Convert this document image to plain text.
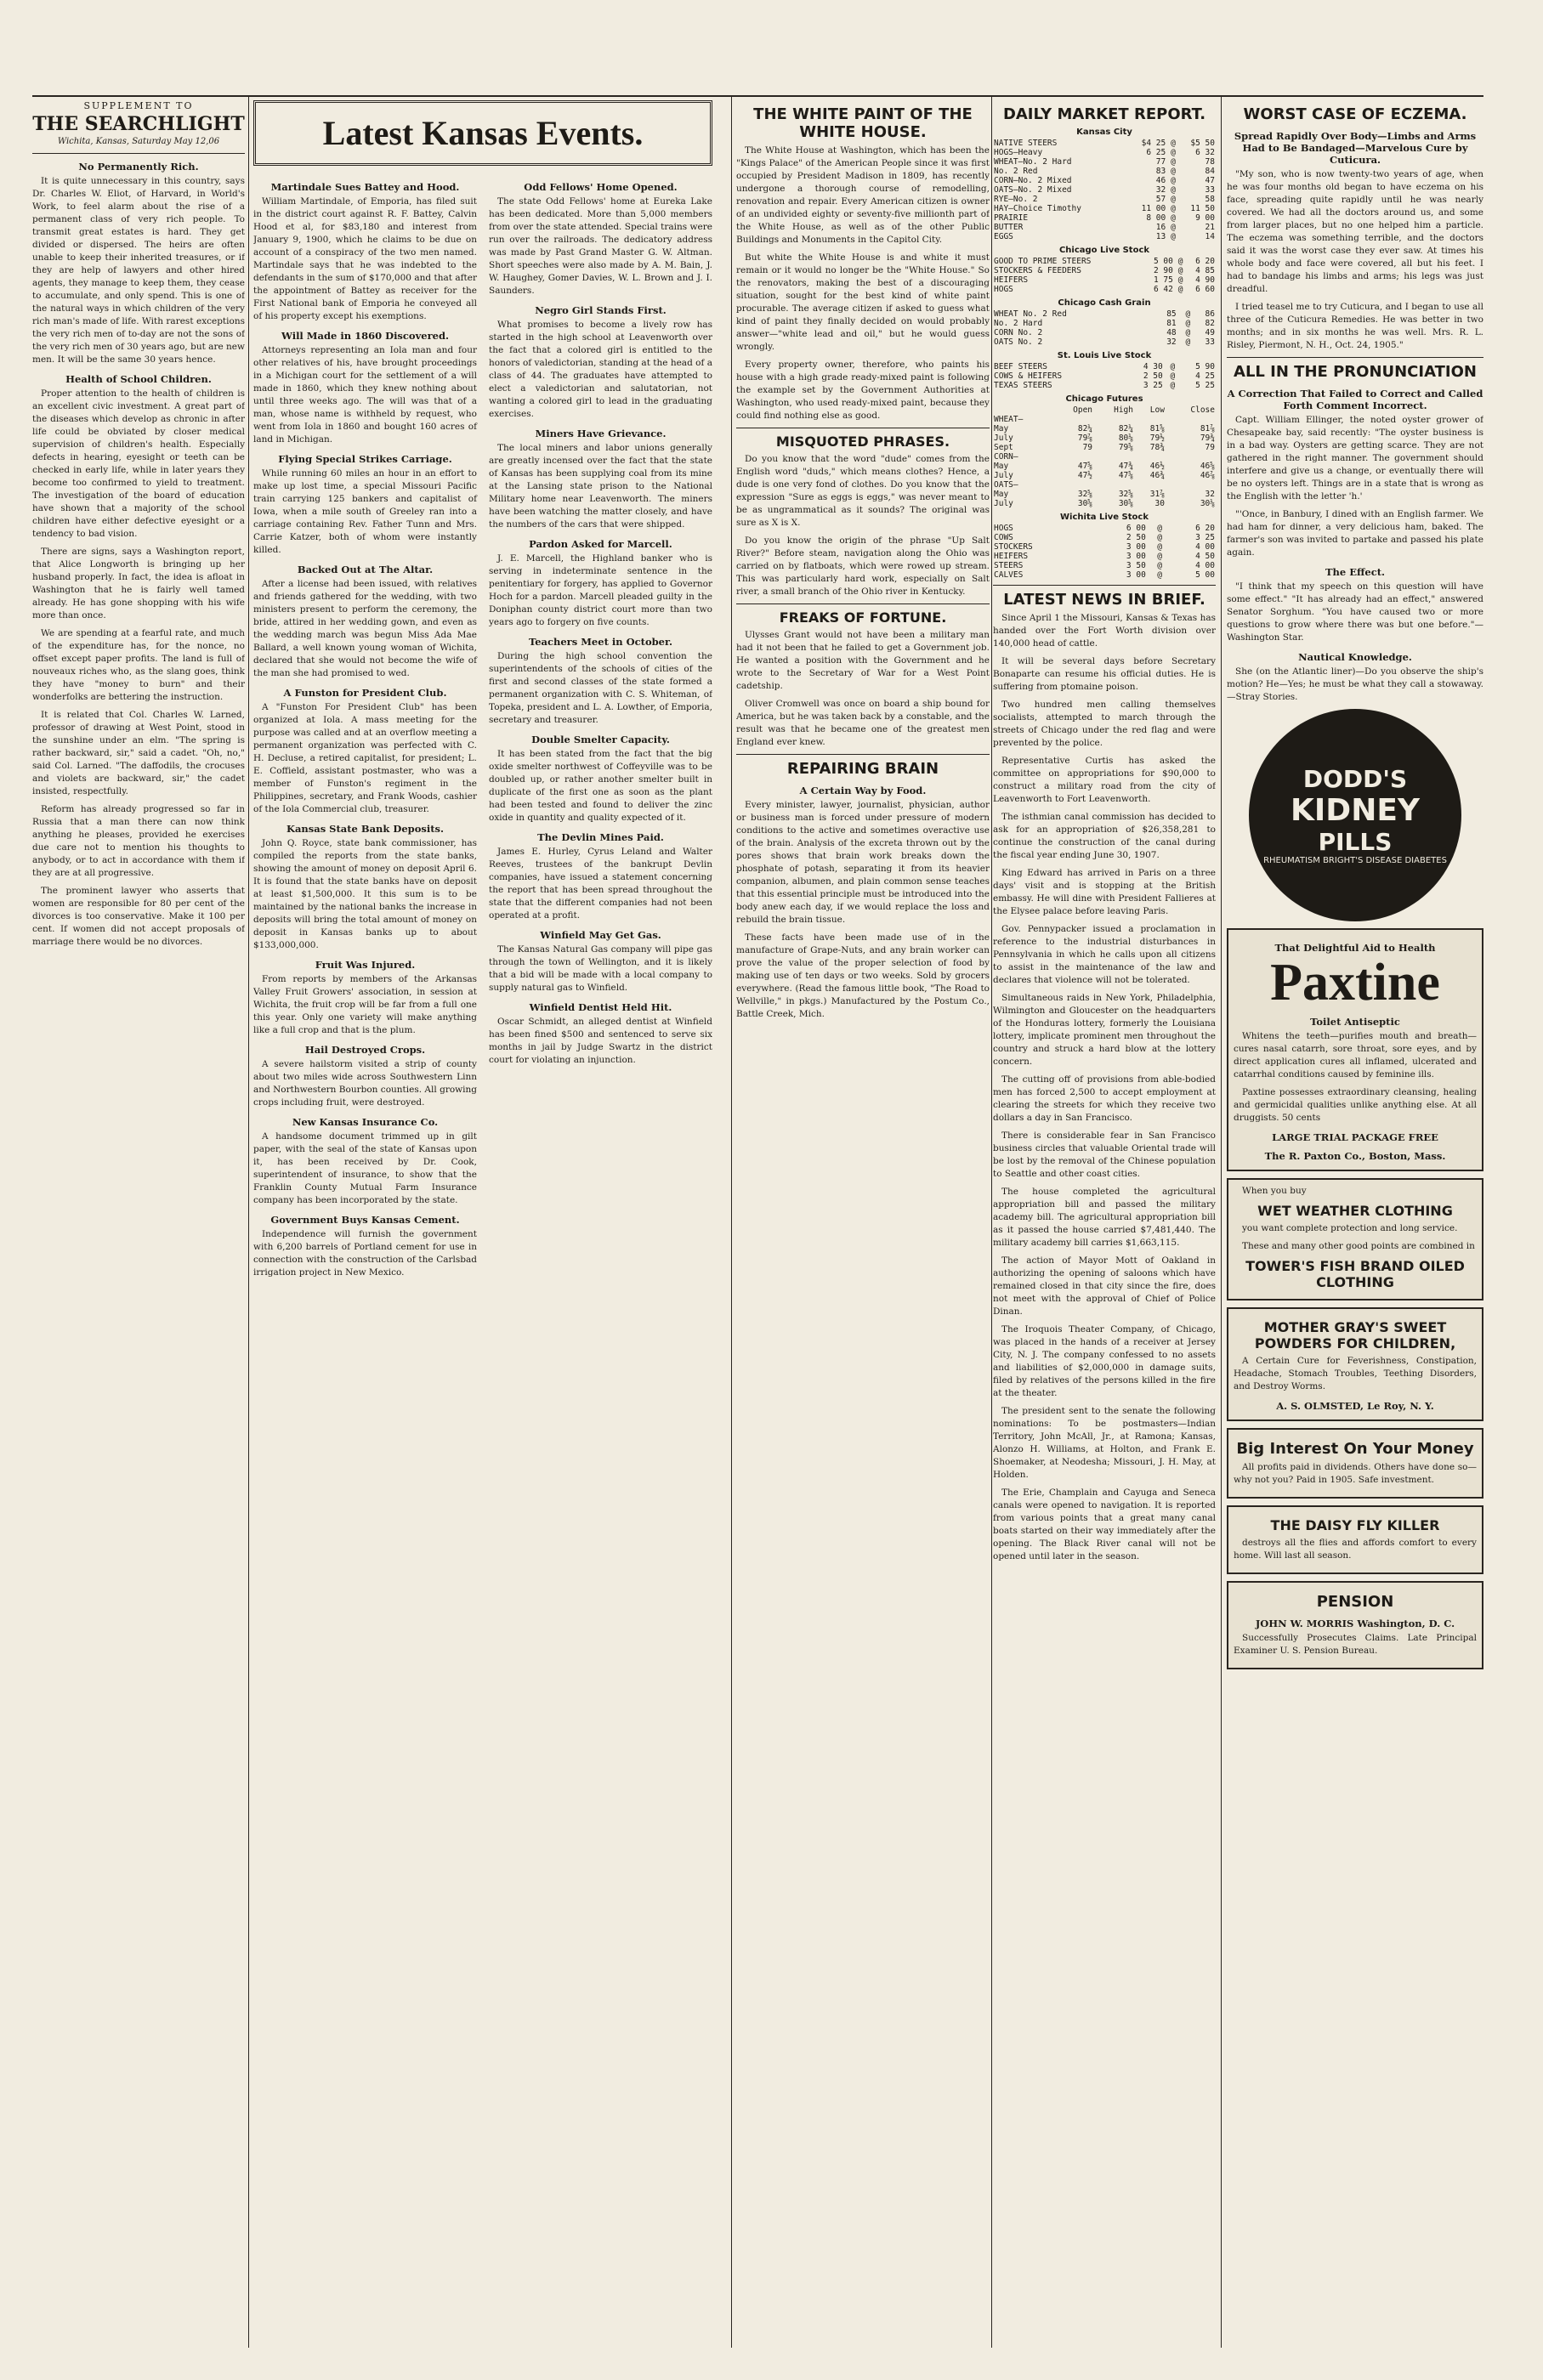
SUPPLEMENT TO

THE SEARCHLIGHT

Wichita, Kansas, Saturday May 12,06

No Permanently Rich.

It is quite unnecessary in this country, says Dr. Charles W. Eliot, of Harvard, in World's Work, to feel alarm about the rise of a permanent class of very rich people. To transmit great estates is hard. They get divided or dispersed. The heirs are often unable to keep their inherited treasures, or if they are help of lawyers and other hired agents, they manage to keep them, they cease to accumulate, and only spend. This is one of the natural ways in which children of the very rich man's made of life. With rarest exceptions the very rich men of to-day are not the sons of the very rich men of 30 years ago, but are new men. It will be the same 30 years hence.

Health of School Children.

Proper attention to the health of children is an excellent civic investment. A great part of the diseases which develop as chronic in after life could be obviated by closer medical supervision of children's health. Especially defects in hearing, eyesight or teeth can be checked in early life, while in later years they become too confirmed to yield to treatment. The investigation of the board of education have shown that a majority of the school children have either defective eyesight or a tendency to bad vision.

There are signs, says a Washington report, that Alice Longworth is bringing up her husband properly. In fact, the idea is afloat in Washington that he is fairly well tamed already. He has gone shopping with his wife more than once.

We are spending at a fearful rate, and much of the expenditure has, for the nonce, no offset except paper profits. The land is full of nouveaux riches who, as the slang goes, think they have "money to burn" and their wonderfolks are bettering the instruction.

It is related that Col. Charles W. Larned, professor of drawing at West Point, stood in the sunshine under an elm. "The spring is rather backward, sir," said a cadet. "Oh, no," said Col. Larned. "The daffodils, the crocuses and violets are backward, sir," the cadet insisted, respectfully.

Reform has already progressed so far in Russia that a man there can now think anything he pleases, provided he exercises due care not to mention his thoughts to anybody, or to act in accordance with them if they are at all progressive.

The prominent lawyer who asserts that women are responsible for 80 per cent of the divorces is too conservative. Make it 100 per cent. If women did not accept proposals of marriage there would be no divorces.

Latest Kansas Events.

Martindale Sues Battey and Hood.

William Martindale, of Emporia, has filed suit in the district court against R. F. Battey, Calvin Hood et al, for $83,180 and interest from January 9, 1900, which he claims to be due on account of a conspiracy of the two men named. Martindale says that he was indebted to the defendants in the sum of $170,000 and that after the appointment of Battey as receiver for the First National bank of Emporia he conveyed all of his property except his exemptions.

Will Made in 1860 Discovered.

Attorneys representing an Iola man and four other relatives of his, have brought proceedings in a Michigan court for the settlement of a will made in 1860, which they knew nothing about until three weeks ago. The will was that of a man, whose name is withheld by request, who went from Iola in 1860 and bought 160 acres of land in Michigan.

Flying Special Strikes Carriage.

While running 60 miles an hour in an effort to make up lost time, a special Missouri Pacific train carrying 125 bankers and capitalist of Iowa, when a mile south of Greeley ran into a carriage containing Rev. Father Tunn and Mrs. Carrie Katzer, both of whom were instantly killed.

Backed Out at The Altar.

After a license had been issued, with relatives and friends gathered for the wedding, with two ministers present to perform the ceremony, the bride, attired in her wedding gown, and even as the wedding march was begun Miss Ada Mae Ballard, a well known young woman of Wichita, declared that she would not become the wife of the man she had promised to wed.

A Funston for President Club.

A "Funston For President Club" has been organized at Iola. A mass meeting for the purpose was called and at an overflow meeting a permanent organization was perfected with C. H. Decluse, a retired capitalist, for president; L. E. Coffield, assistant postmaster, who was a member of Funston's regiment in the Philippines, secretary, and Frank Woods, cashier of the Iola Commercial club, treasurer.

Kansas State Bank Deposits.

John Q. Royce, state bank commissioner, has compiled the reports from the state banks, showing the amount of money on deposit April 6. It is found that the state banks have on deposit at least $1,500,000. It this sum is to be maintained by the national banks the increase in deposits will bring the total amount of money on deposit in Kansas banks up to about $133,000,000.

Fruit Was Injured.

From reports by members of the Arkansas Valley Fruit Growers' association, in session at Wichita, the fruit crop will be far from a full one this year. Only one variety will make anything like a full crop and that is the plum.

Hail Destroyed Crops.

A severe hailstorm visited a strip of county about two miles wide across Southwestern Linn and Northwestern Bourbon counties. All growing crops including fruit, were destroyed.

New Kansas Insurance Co.

A handsome document trimmed up in gilt paper, with the seal of the state of Kansas upon it, has been received by Dr. Cook, superintendent of insurance, to show that the Franklin County Mutual Farm Insurance company has been incorporated by the state.

Government Buys Kansas Cement.

Independence will furnish the government with 6,200 barrels of Portland cement for use in connection with the construction of the Carlsbad irrigation project in New Mexico.

Odd Fellows' Home Opened.

The state Odd Fellows' home at Eureka Lake has been dedicated. More than 5,000 members from over the state attended. Special trains were run over the railroads. The dedicatory address was made by Past Grand Master G. W. Altman. Short speeches were also made by A. M. Bain, J. W. Haughey, Gomer Davies, W. L. Brown and J. I. Saunders.

Negro Girl Stands First.

What promises to become a lively row has started in the high school at Leavenworth over the fact that a colored girl is entitled to the honors of valedictorian, standing at the head of a class of 44. The graduates have attempted to elect a valedictorian and salutatorian, not wanting a colored girl to lead in the graduating exercises.

Miners Have Grievance.

The local miners and labor unions generally are greatly incensed over the fact that the state of Kansas has been supplying coal from its mine at the Lansing state prison to the National Military home near Leavenworth. The miners have been watching the matter closely, and have the numbers of the cars that were shipped.

Pardon Asked for Marcell.

J. E. Marcell, the Highland banker who is serving in indeterminate sentence in the penitentiary for forgery, has applied to Governor Hoch for a pardon. Marcell pleaded guilty in the Doniphan county district court more than two years ago to forgery on five counts.

Teachers Meet in October.

During the high school convention the superintendents of the schools of cities of the first and second classes of the state formed a permanent organization with C. S. Whiteman, of Topeka, president and L. A. Lowther, of Emporia, secretary and treasurer.

Double Smelter Capacity.

It has been stated from the fact that the big oxide smelter northwest of Coffeyville was to be doubled up, or rather another smelter built in duplicate of the first one as soon as the plant had been tested and found to deliver the zinc oxide in quantity and quality expected of it.

The Devlin Mines Paid.

James E. Hurley, Cyrus Leland and Walter Reeves, trustees of the bankrupt Devlin companies, have issued a statement concerning the report that has been spread throughout the state that the different companies had not been operated at a profit.

Winfield May Get Gas.

The Kansas Natural Gas company will pipe gas through the town of Wellington, and it is likely that a bid will be made with a local company to supply natural gas to Winfield.

Winfield Dentist Held Hit.

Oscar Schmidt, an alleged dentist at Winfield has been fined $500 and sentenced to serve six months in jail by Judge Swartz in the district court for violating an injunction.

THE WHITE PAINT OF THE WHITE HOUSE.

The White House at Washington, which has been the "Kings Palace" of the American People since it was first occupied by President Madison in 1809, has recently undergone a thorough course of remodelling, renovation and repair. Every American citizen is owner of an undivided eighty or seventy-five millionth part of the White House, as well as of the other Public Buildings and Monuments in the Capitol City.

But white the White House is and white it must remain or it would no longer be the "White House." So the renovators, making the best of a discouraging situation, sought for the best kind of white paint procurable. The average citizen if asked to guess what kind of paint they finally decided on would probably answer—"white lead and oil," but he would guess wrongly.

Every property owner, therefore, who paints his house with a high grade ready-mixed paint is following the example set by the Government Authorities at Washington, who used ready-mixed paint, because they could find nothing else as good.

MISQUOTED PHRASES.

Do you know that the word "dude" comes from the English word "duds," which means clothes? Hence, a dude is one very fond of clothes. Do you know that the expression "Sure as eggs is eggs," was never meant to be as ungrammatical as it sounds? The original was sure as X is X.

Do you know the origin of the phrase "Up Salt River?" Before steam, navigation along the Ohio was carried on by flatboats, which were rowed up stream. This was particularly hard work, especially on Salt river, a small branch of the Ohio river in Kentucky.

FREAKS OF FORTUNE.

Ulysses Grant would not have been a military man had it not been that he failed to get a Government job. He wanted a position with the Government and he wrote to the Secretary of War for a West Point cadetship.

Oliver Cromwell was once on board a ship bound for America, but he was taken back by a constable, and the result was that he became one of the greatest men England ever knew.

REPAIRING BRAIN

A Certain Way by Food.

Every minister, lawyer, journalist, physician, author or business man is forced under pressure of modern conditions to the active and sometimes overactive use of the brain. Analysis of the excreta thrown out by the pores shows that brain work breaks down the phosphate of potash, separating it from its heavier companion, albumen, and plain common sense teaches that this essential principle must be introduced into the body anew each day, if we would replace the loss and rebuild the brain tissue.

These facts have been made use of in the manufacture of Grape-Nuts, and any brain worker can prove the value of the proper selection of food by making use of ten days or two weeks. Sold by grocers everywhere. (Read the famous little book, "The Road to Wellville," in pkgs.) Manufactured by the Postum Co., Battle Creek, Mich.

DAILY MARKET REPORT.

Kansas City

NATIVE STEERS	$4 25	@	$5 50
HOGS—Heavy	6 25	@	6 32
WHEAT—No. 2 Hard	77	@	78
No. 2 Red	83	@	84
CORN—No. 2 Mixed	46	@	47
OATS—No. 2 Mixed	32	@	33
RYE—No. 2	57	@	58
HAY—Choice Timothy	11 00	@	11 50
PRAIRIE	8 00	@	9 00
BUTTER	16	@	21
EGGS	13	@	14

Chicago Live Stock

GOOD TO PRIME STEERS	5 00	@	6 20
STOCKERS & FEEDERS	2 90	@	4 85
HEIFERS	1 75	@	4 90
HOGS	6 42	@	6 60

Chicago Cash Grain

WHEAT No. 2 Red	85	@	86
No. 2 Hard	81	@	82
CORN No. 2	48	@	49
OATS No. 2	32	@	33

St. Louis Live Stock

BEEF STEERS	4 30	@	5 90
COWS & HEIFERS	2 50	@	4 25
TEXAS STEERS	3 25	@	5 25

Chicago Futures

	Open	High	Low	Close
WHEAT—				
May	82¼	82¼	81⅝	81⅞
July	79⅞	80⅛	79½	79¾
Sept	79	79⅝	78¾	79
CORN—				
May	47⅝	47¾	46½	46⅝
July	47½	47⅝	46¾	46⅞
OATS—				
May	32⅝	32⅝	31⅞	32
July	30⅝	30⅝	30	30⅛

Wichita Live Stock

HOGS	6 00	@	6 20
COWS	2 50	@	3 25
STOCKERS	3 00	@	4 00
HEIFERS	3 00	@	4 50
STEERS	3 50	@	4 00
CALVES	3 00	@	5 00

LATEST NEWS IN BRIEF.

Since April 1 the Missouri, Kansas & Texas has handed over the Fort Worth division over 140,000 head of cattle.

It will be several days before Secretary Bonaparte can resume his official duties. He is suffering from ptomaine poison.

Two hundred men calling themselves socialists, attempted to march through the streets of Chicago under the red flag and were prevented by the police.

Representative Curtis has asked the committee on appropriations for $90,000 to construct a military road from the city of Leavenworth to Fort Leavenworth.

The isthmian canal commission has decided to ask for an appropriation of $26,358,281 to continue the construction of the canal during the fiscal year ending June 30, 1907.

King Edward has arrived in Paris on a three days' visit and is stopping at the British embassy. He will dine with President Fallieres at the Elysee palace before leaving Paris.

Gov. Pennypacker issued a proclamation in reference to the industrial disturbances in Pennsylvania in which he calls upon all citizens to assist in the maintenance of the law and declares that violence will not be tolerated.

Simultaneous raids in New York, Philadelphia, Wilmington and Gloucester on the headquarters of the Honduras lottery, formerly the Louisiana lottery, implicate prominent men throughout the country and struck a hard blow at the lottery concern.

The cutting off of provisions from able-bodied men has forced 2,500 to accept employment at clearing the streets for which they receive two dollars a day in San Francisco.

There is considerable fear in San Francisco business circles that valuable Oriental trade will be lost by the removal of the Chinese population to Seattle and other coast cities.

The house completed the agricultural appropriation bill and passed the military academy bill. The agricultural appropriation bill as it passed the house carried $7,481,440. The military academy bill carries $1,663,115.

The action of Mayor Mott of Oakland in authorizing the opening of saloons which have remained closed in that city since the fire, does not meet with the approval of Chief of Police Dinan.

The Iroquois Theater Company, of Chicago, was placed in the hands of a receiver at Jersey City, N. J. The company confessed to no assets and liabilities of $2,000,000 in damage suits, filed by relatives of the persons killed in the fire at the theater.

The president sent to the senate the following nominations: To be postmasters—Indian Territory, John McAll, Jr., at Ramona; Kansas, Alonzo H. Williams, at Holton, and Frank E. Shoemaker, at Neodesha; Missouri, J. H. May, at Holden.

The Erie, Champlain and Cayuga and Seneca canals were opened to navigation. It is reported from various points that a great many canal boats started on their way immediately after the opening. The Black River canal will not be opened until later in the season.

WORST CASE OF ECZEMA.

Spread Rapidly Over Body—Limbs and Arms Had to Be Bandaged—Marvelous Cure by Cuticura.

"My son, who is now twenty-two years of age, when he was four months old began to have eczema on his face, spreading quite rapidly until he was nearly covered. We had all the doctors around us, and some from larger places, but no one helped him a particle. The eczema was something terrible, and the doctors said it was the worst case they ever saw. At times his whole body and face were covered, all but his feet. I had to bandage his limbs and arms; his legs was just dreadful.

I tried teasel me to try Cuticura, and I began to use all three of the Cuticura Remedies. He was better in two months; and in six months he was well. Mrs. R. L. Risley, Piermont, N. H., Oct. 24, 1905."

ALL IN THE PRONUNCIATION

A Correction That Failed to Correct and Called Forth Comment Incorrect.

Capt. William Ellinger, the noted oyster grower of Chesapeake bay, said recently: "The oyster business is in a bad way. Oysters are getting scarce. They are not gathered in the right manner. The government should interfere and give us a change, or eventually there will be no oysters left. Things are in a state that is wrong as the English with the letter 'h.'

"'Once, in Banbury, I dined with an English farmer. We had ham for dinner, a very delicious ham, baked. The farmer's son was invited to partake and passed his plate again.

The Effect.

"I think that my speech on this question will have some effect." "It has already had an effect," answered Senator Sorghum. "You have caused two or more questions to grow where there was but one before."—Washington Star.

Nautical Knowledge.

She (on the Atlantic liner)—Do you observe the ship's motion? He—Yes; he must be what they call a stowaway.—Stray Stories.

DODD'S
KIDNEY
PILLS
RHEUMATISM BRIGHT'S DISEASE DIABETES

That Delightful Aid to Health

Paxtine

Toilet Antiseptic

Whitens the teeth—purifies mouth and breath—cures nasal catarrh, sore throat, sore eyes, and by direct application cures all inflamed, ulcerated and catarrhal conditions caused by feminine ills.

Paxtine possesses extraordinary cleansing, healing and germicidal qualities unlike anything else. At all druggists. 50 cents

LARGE TRIAL PACKAGE FREE

The R. Paxton Co., Boston, Mass.

When you buy

WET WEATHER CLOTHING

you want complete protection and long service.

These and many other good points are combined in

TOWER'S FISH BRAND OILED CLOTHING

MOTHER GRAY'S SWEET POWDERS FOR CHILDREN,

A Certain Cure for Feverishness, Constipation, Headache, Stomach Troubles, Teething Disorders, and Destroy Worms.

A. S. OLMSTED, Le Roy, N. Y.

Big Interest On Your Money

All profits paid in dividends. Others have done so—why not you? Paid in 1905. Safe investment.

THE DAISY FLY KILLER

destroys all the flies and affords comfort to every home. Will last all season.

PENSION

JOHN W. MORRIS Washington, D. C.

Successfully Prosecutes Claims. Late Principal Examiner U. S. Pension Bureau.
